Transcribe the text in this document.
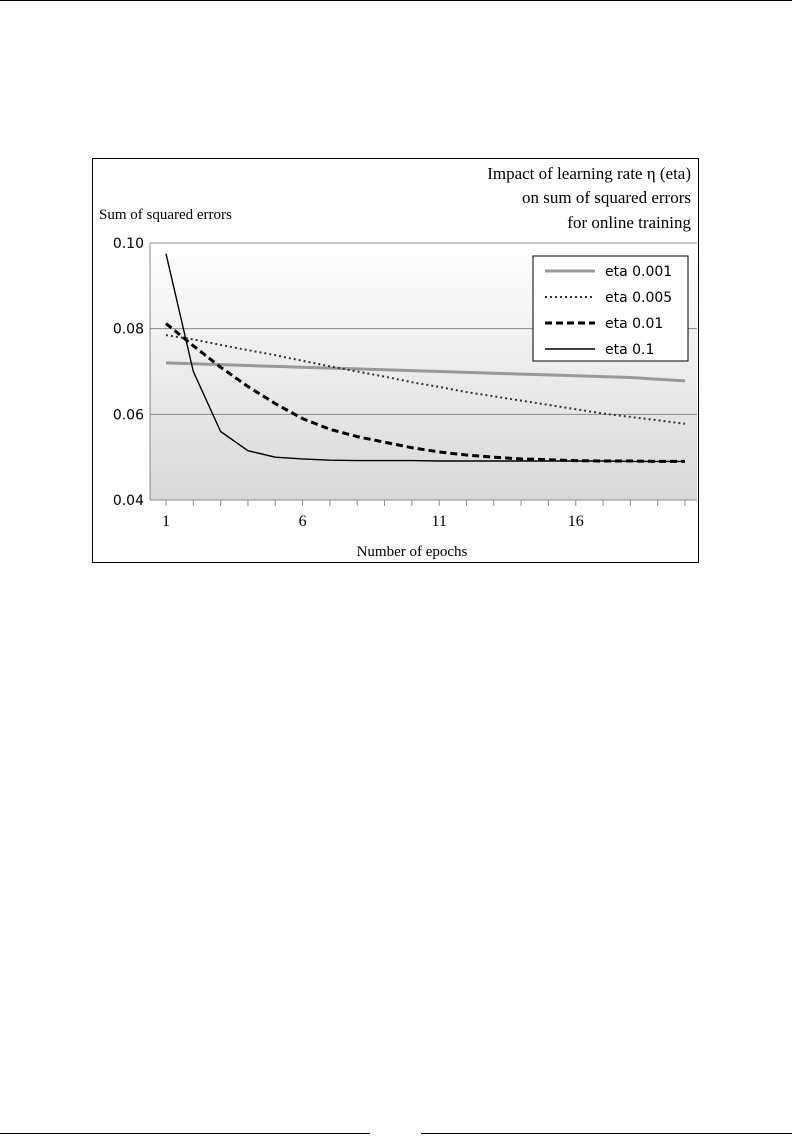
0.04
0.06
0.08
0.10
1	6	11	16
Impact of learning rate η (eta)
on sum of squared errors
for online training
Sum of squared errors
Number of epochs
eta 0.001
eta 0.005
eta 0.01
eta 0.1
